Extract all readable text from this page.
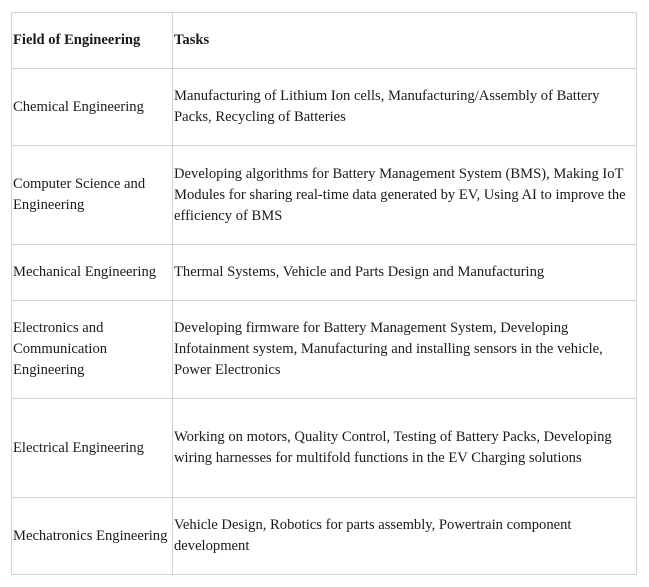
Field of Engineering	Tasks
Chemical Engineering	Manufacturing of Lithium Ion cells, Manufacturing/Assembly of Battery Packs, Recycling of Batteries
Computer Science and Engineering	Developing algorithms for Battery Management System (BMS), Making IoT Modules for sharing real-time data generated by EV, Using AI to improve the efficiency of BMS
Mechanical Engineering	Thermal Systems, Vehicle and Parts Design and Manufacturing
Electronics and Communication Engineering	Developing firmware for Battery Management System, Developing Infotainment system, Manufacturing and installing sensors in the vehicle, Power Electronics
Electrical Engineering	Working on motors, Quality Control, Testing of Battery Packs, Developing wiring harnesses for multifold functions in the EV Charging solutions
Mechatronics Engineering	Vehicle Design, Robotics for parts assembly, Powertrain component development
